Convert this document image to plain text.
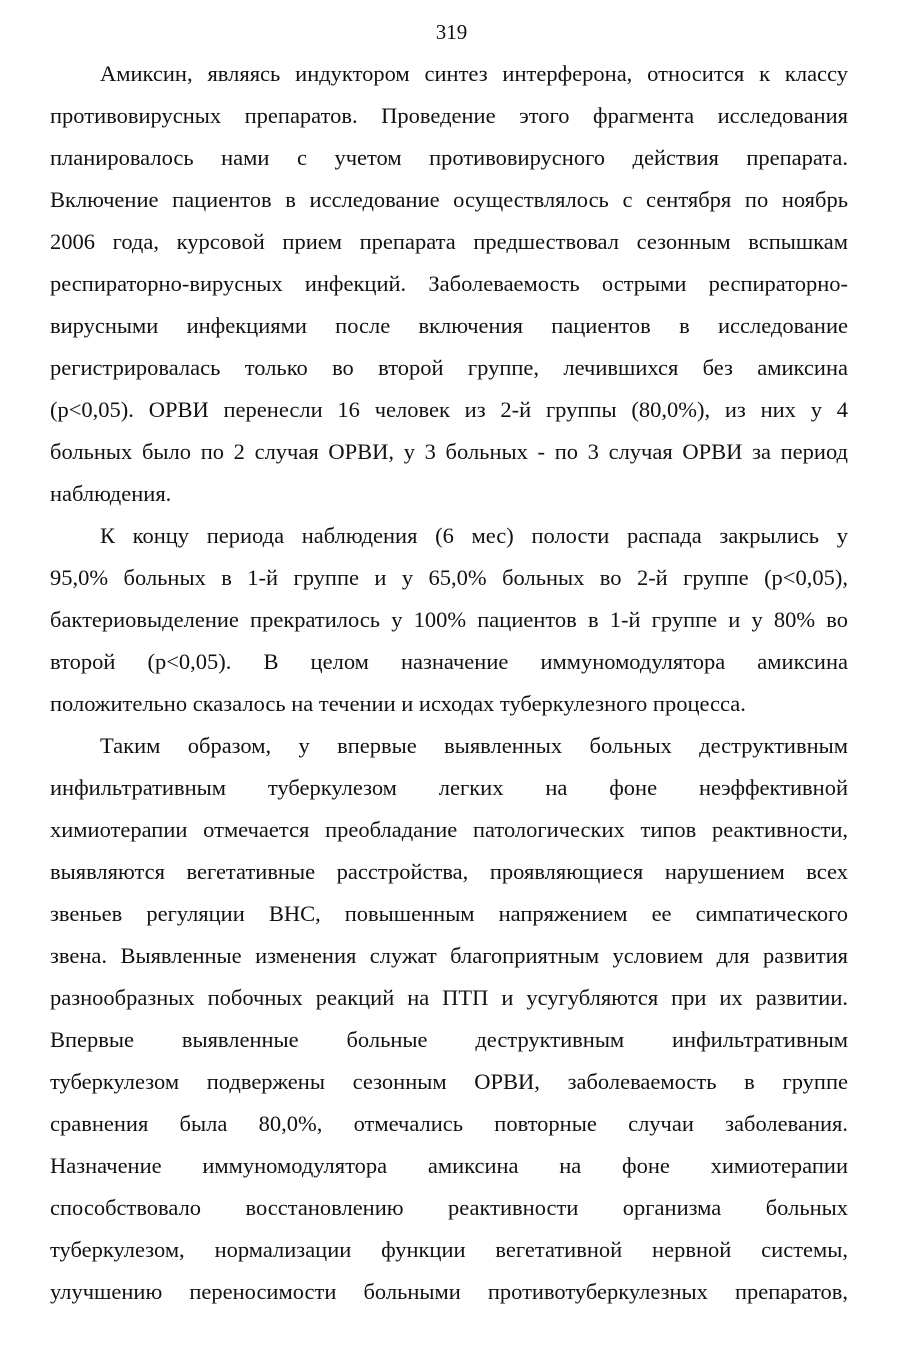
319
Амиксин, являясь индуктором синтез интерферона, относится к классу
противовирусных препаратов. Проведение этого фрагмента исследования
планировалось нами с учетом противовирусного действия препарата.
Включение пациентов в исследование осуществлялось с сентября по ноябрь
2006 года, курсовой прием препарата предшествовал сезонным вспышкам
респираторно-вирусных инфекций. Заболеваемость острыми респираторно-
вирусными инфекциями после включения пациентов в исследование
регистрировалась только во второй группе, лечившихся без амиксина
(p<0,05). ОРВИ перенесли 16 человек из 2-й группы (80,0%), из них у 4
больных было по 2 случая ОРВИ, у 3 больных - по 3 случая ОРВИ за период
наблюдения.
К концу периода наблюдения (6 мес) полости распада закрылись у
95,0% больных в 1-й группе и у 65,0% больных во 2-й группе (p<0,05),
бактериовыделение прекратилось у 100% пациентов в 1-й группе и у 80% во
второй (p<0,05). В целом назначение иммуномодулятора амиксина
положительно сказалось на течении и исходах туберкулезного процесса.
Таким образом, у впервые выявленных больных деструктивным
инфильтративным туберкулезом легких на фоне неэффективной
химиотерапии отмечается преобладание патологических типов реактивности,
выявляются вегетативные расстройства, проявляющиеся нарушением всех
звеньев регуляции ВНС, повышенным напряжением ее симпатического
звена. Выявленные изменения служат благоприятным условием для развития
разнообразных побочных реакций на ПТП и усугубляются при их развитии.
Впервые выявленные больные деструктивным инфильтративным
туберкулезом подвержены сезонным ОРВИ, заболеваемость в группе
сравнения была 80,0%, отмечались повторные случаи заболевания.
Назначение иммуномодулятора амиксина на фоне химиотерапии
способствовало восстановлению реактивности организма больных
туберкулезом, нормализации функции вегетативной нервной системы,
улучшению переносимости больными противотуберкулезных препаратов,
